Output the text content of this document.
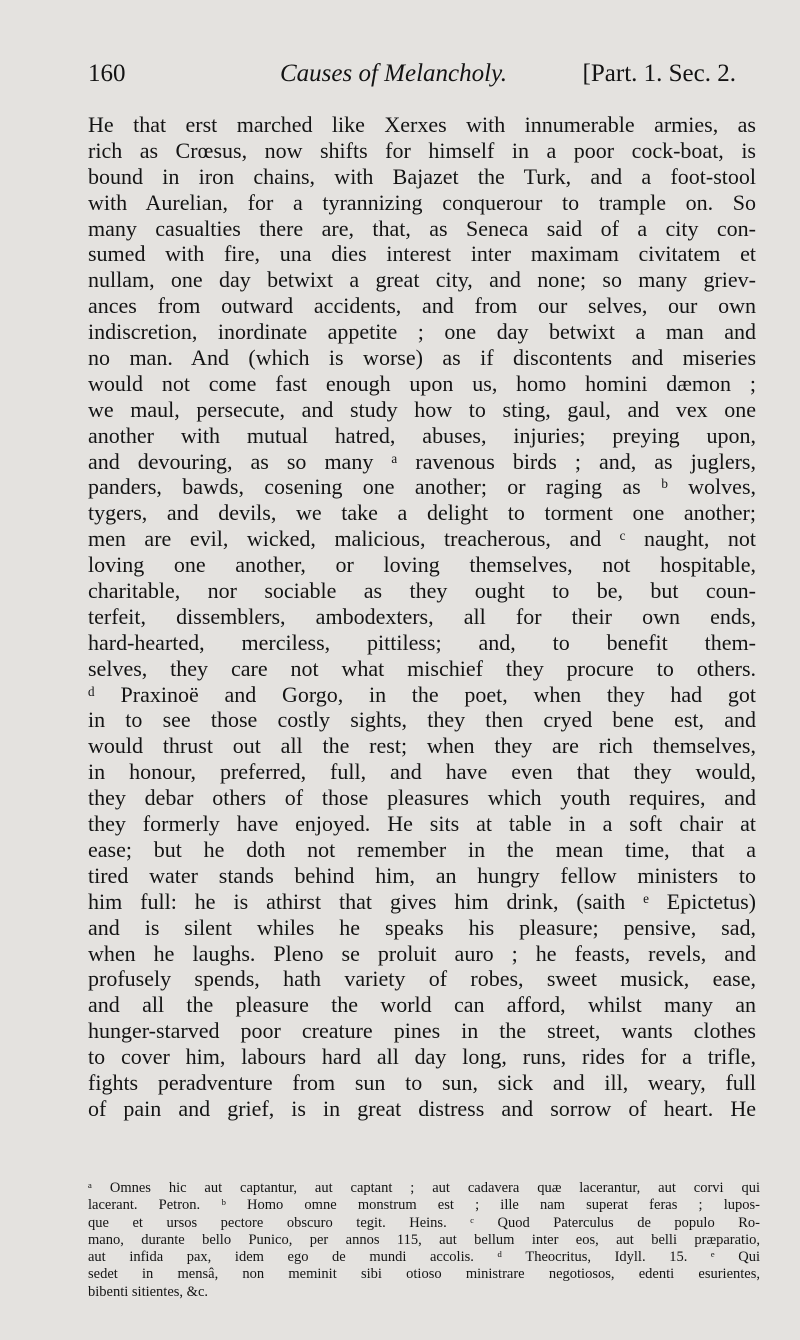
160	Causes of Melancholy.	[Part. 1. Sec. 2.
He that erst marched like Xerxes with innumerable armies, as
rich as Crœsus, now shifts for himself in a poor cock-boat, is
bound in iron chains, with Bajazet the Turk, and a foot-stool
with Aurelian, for a tyrannizing conquerour to trample on. So
many casualties there are, that, as Seneca said of a city con-
sumed with fire, una dies interest inter maximam civitatem et
nullam, one day betwixt a great city, and none; so many griev-
ances from outward accidents, and from our selves, our own
indiscretion, inordinate appetite ; one day betwixt a man and
no man. And (which is worse) as if discontents and miseries
would not come fast enough upon us, homo homini dæmon ;
we maul, persecute, and study how to sting, gaul, and vex one
another with mutual hatred, abuses, injuries; preying upon,
and devouring, as so many ᵃ ravenous birds ; and, as juglers,
panders, bawds, cosening one another; or raging as ᵇ wolves,
tygers, and devils, we take a delight to torment one another;
men are evil, wicked, malicious, treacherous, and ᶜ naught, not
loving one another, or loving themselves, not hospitable,
charitable, nor sociable as they ought to be, but coun-
terfeit, dissemblers, ambodexters, all for their own ends,
hard-hearted, merciless, pittiless; and, to benefit them-
selves, they care not what mischief they procure to others.
ᵈ Praxinoë and Gorgo, in the poet, when they had got
in to see those costly sights, they then cryed bene est, and
would thrust out all the rest; when they are rich themselves,
in honour, preferred, full, and have even that they would,
they debar others of those pleasures which youth requires, and
they formerly have enjoyed. He sits at table in a soft chair at
ease; but he doth not remember in the mean time, that a
tired water stands behind him, an hungry fellow ministers to
him full: he is athirst that gives him drink, (saith ᵉ Epictetus)
and is silent whiles he speaks his pleasure; pensive, sad,
when he laughs. Pleno se proluit auro ; he feasts, revels, and
profusely spends, hath variety of robes, sweet musick, ease,
and all the pleasure the world can afford, whilst many an
hunger-starved poor creature pines in the street, wants clothes
to cover him, labours hard all day long, runs, rides for a trifle,
fights peradventure from sun to sun, sick and ill, weary, full
of pain and grief, is in great distress and sorrow of heart. He
ᵃ Omnes hic aut captantur, aut captant ; aut cadavera quæ lacerantur, aut corvi qui
lacerant. Petron. ᵇ Homo omne monstrum est ; ille nam superat feras ; lupos-
que et ursos pectore obscuro tegit. Heins. ᶜ Quod Paterculus de populo Ro-
mano, durante bello Punico, per annos 115, aut bellum inter eos, aut belli præparatio,
aut infida pax, idem ego de mundi accolis. ᵈ Theocritus, Idyll. 15. ᵉ Qui
sedet in mensâ, non meminit sibi otioso ministrare negotiosos, edenti esurientes,
bibenti sitientes, &c.
